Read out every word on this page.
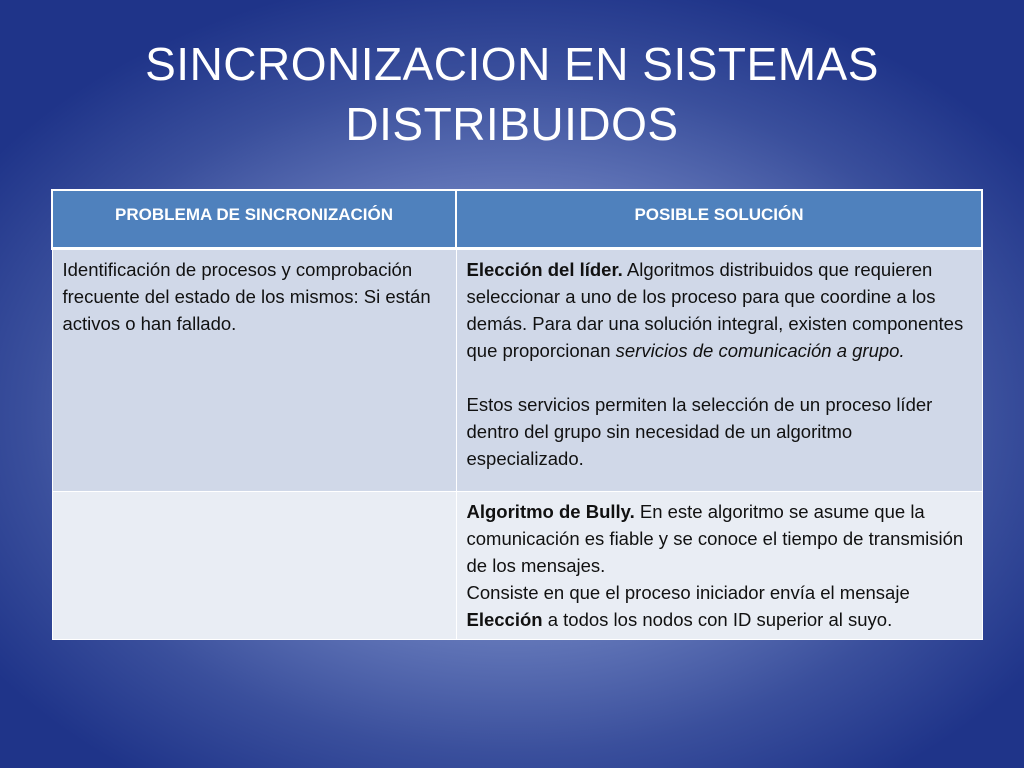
SINCRONIZACION EN SISTEMAS
DISTRIBUIDOS
PROBLEMA DE SINCRONIZACIÓN	POSIBLE SOLUCIÓN
Identificación de procesos y comprobación frecuente del estado de los mismos: Si están activos o han fallado.	Elección del líder. Algoritmos distribuidos que requieren seleccionar a uno de los proceso para que coordine a los demás. Para dar una solución integral, existen componentes que proporcionan servicios de comunicación a grupo.
Estos servicios permiten la selección de un proceso líder dentro del grupo sin necesidad de un algoritmo especializado.

	Algoritmo de Bully. En este algoritmo se asume que la comunicación es fiable y se conoce el tiempo de transmisión de los mensajes.
Consiste en que el proceso iniciador envía el mensaje Elección a todos los nodos con ID superior al suyo.
